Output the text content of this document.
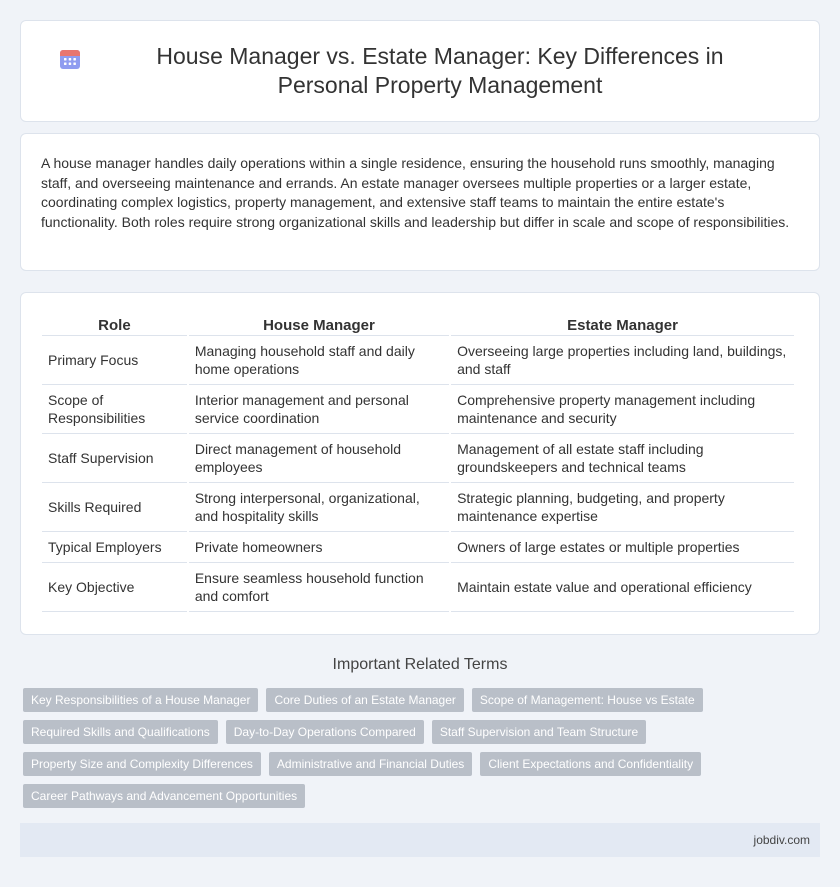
House Manager vs. Estate Manager: Key Differences in Personal Property Management

A house manager handles daily operations within a single residence, ensuring the household runs smoothly, managing staff, and overseeing maintenance and errands. An estate manager oversees multiple properties or a larger estate, coordinating complex logistics, property management, and extensive staff teams to maintain the entire estate's functionality. Both roles require strong organizational skills and leadership but differ in scale and scope of responsibilities.

Role	House Manager	Estate Manager
Primary Focus	Managing household staff and daily home operations	Overseeing large properties including land, buildings, and staff
Scope of Responsibilities	Interior management and personal service coordination	Comprehensive property management including maintenance and security
Staff Supervision	Direct management of household employees	Management of all estate staff including groundskeepers and technical teams
Skills Required	Strong interpersonal, organizational, and hospitality skills	Strategic planning, budgeting, and property maintenance expertise
Typical Employers	Private homeowners	Owners of large estates or multiple properties
Key Objective	Ensure seamless household function and comfort	Maintain estate value and operational efficiency
Important Related Terms
Key Responsibilities of a House Manager	Core Duties of an Estate Manager	Scope of Management: House vs Estate
Required Skills and Qualifications	Day-to-Day Operations Compared	Staff Supervision and Team Structure
Property Size and Complexity Differences	Administrative and Financial Duties	Client Expectations and Confidentiality
Career Pathways and Advancement Opportunities
jobdiv.com
